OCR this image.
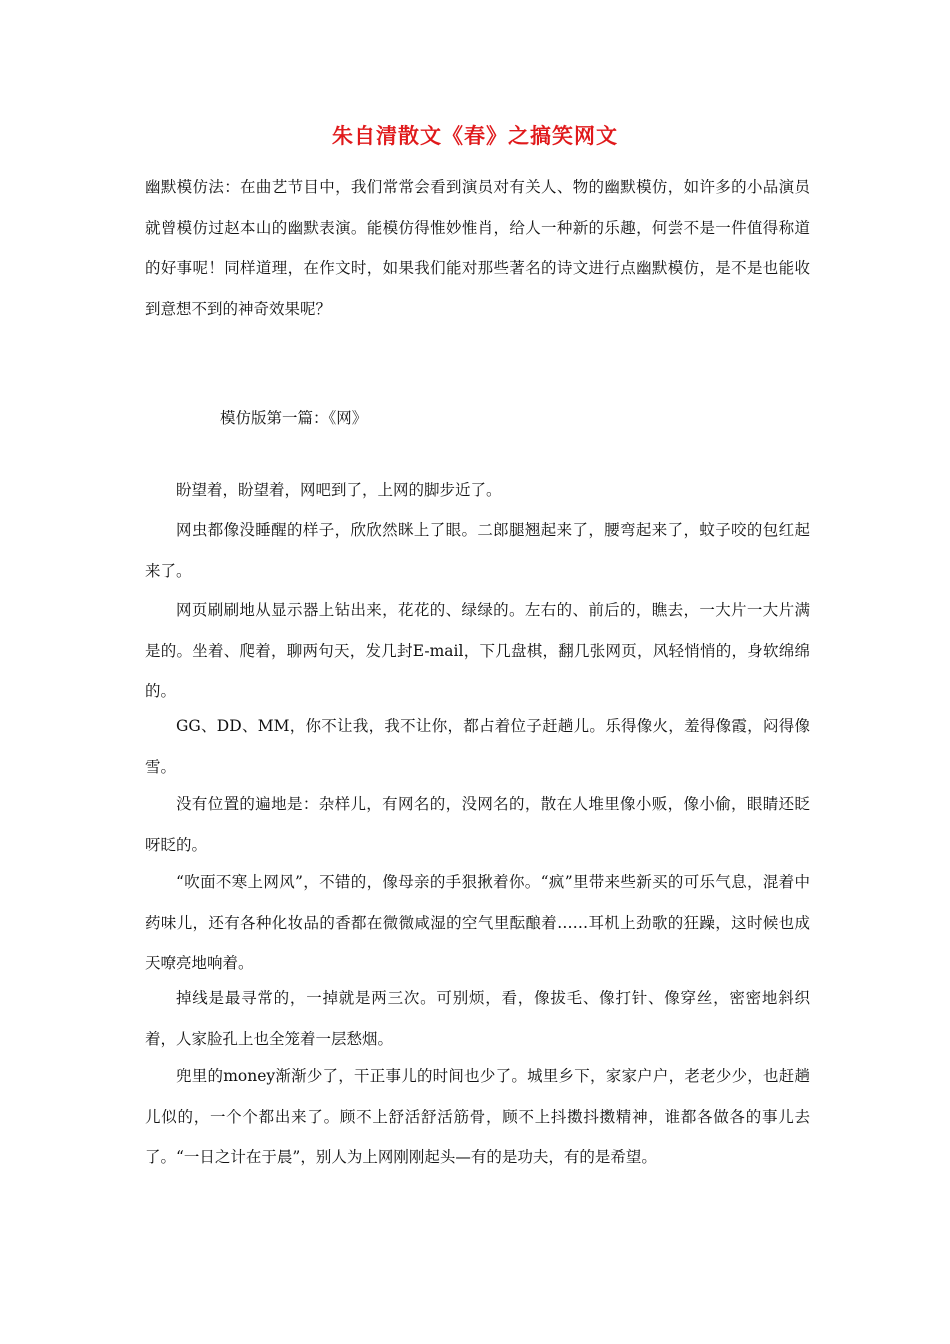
朱自清散文《春》之搞笑网文

幽默模仿法：在曲艺节目中，我们常常会看到演员对有关人、物的幽默模仿，如许多的小品演员就曾模仿过赵本山的幽默表演。能模仿得惟妙惟肖，给人一种新的乐趣，何尝不是一件值得称道的好事呢！同样道理，在作文时，如果我们能对那些著名的诗文进行点幽默模仿，是不是也能收到意想不到的神奇效果呢？

模仿版第一篇：《网》

盼望着，盼望着，网吧到了，上网的脚步近了。

网虫都像没睡醒的样子，欣欣然眯上了眼。二郎腿翘起来了，腰弯起来了，蚊子咬的包红起来了。

网页刷刷地从显示器上钻出来，花花的、绿绿的。左右的、前后的，瞧去，一大片一大片满是的。坐着、爬着，聊两句天，发几封E-mail，下几盘棋，翻几张网页，风轻悄悄的，身软绵绵的。

GG、DD、MM，你不让我，我不让你，都占着位子赶趟儿。乐得像火，羞得像霞，闷得像雪。

没有位置的遍地是：杂样儿，有网名的，没网名的，散在人堆里像小贩，像小偷，眼睛还眨呀眨的。

“吹面不寒上网风”，不错的，像母亲的手狠揪着你。“疯”里带来些新买的可乐气息，混着中药味儿，还有各种化妆品的香都在微微咸湿的空气里酝酿着……耳机上劲歌的狂躁，这时候也成天嘹亮地响着。

掉线是最寻常的，一掉就是两三次。可别烦，看，像拔毛、像打针、像穿丝，密密地斜织着，人家脸孔上也全笼着一层愁烟。

兜里的money渐渐少了，干正事儿的时间也少了。城里乡下，家家户户，老老少少，也赶趟儿似的，一个个都出来了。顾不上舒活舒活筋骨，顾不上抖擞抖擞精神，谁都各做各的事儿去了。“一日之计在于晨”，别人为上网刚刚起头—有的是功夫，有的是希望。
